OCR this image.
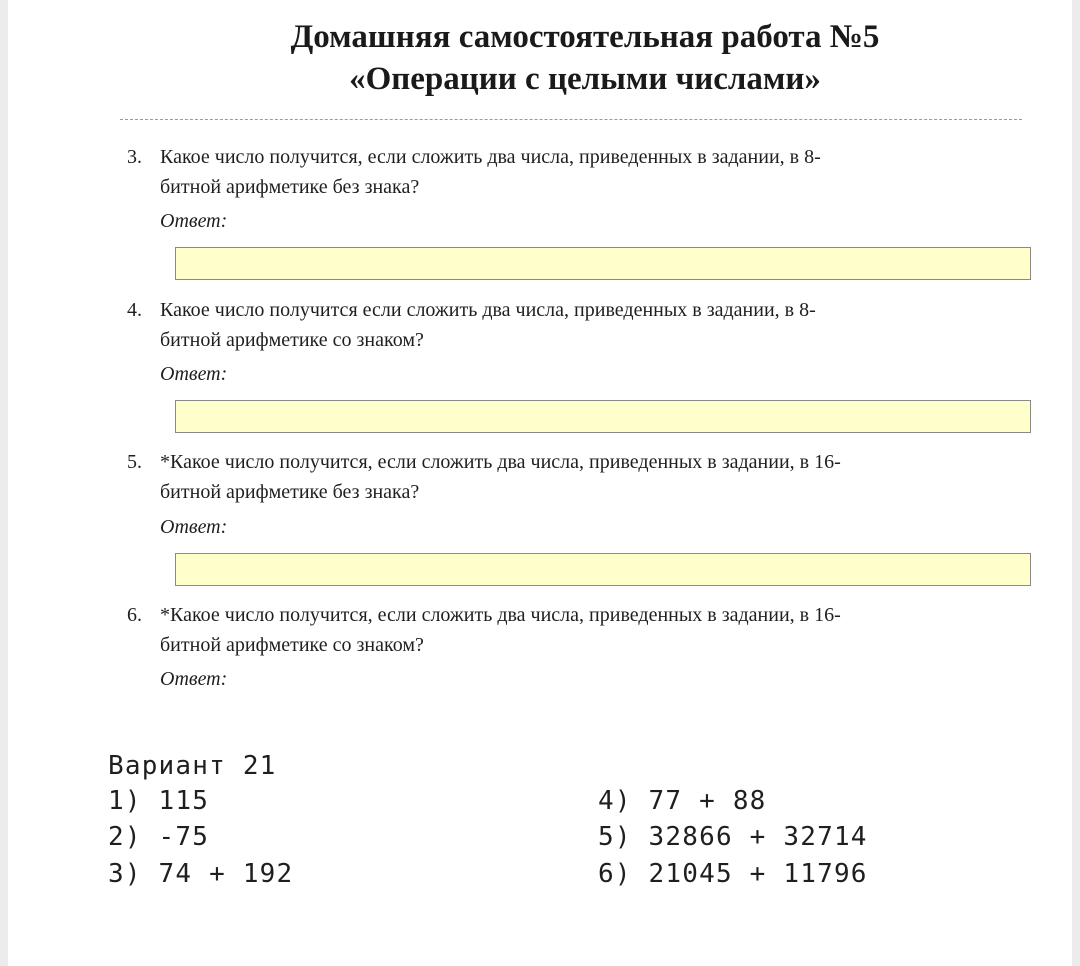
Домашняя самостоятельная работа №5
«Операции с целыми числами»
3. Какое число получится, если сложить два числа, приведенных в задании, в 8-
битной арифметике без знака?
Ответ:
4. Какое число получится если сложить два числа, приведенных в задании, в 8-
битной арифметике со знаком?
Ответ:
5. *Какое число получится, если сложить два числа, приведенных в задании, в 16-
битной арифметике без знака?
Ответ:
6. *Какое число получится, если сложить два числа, приведенных в задании, в 16-
битной арифметике со знаком?
Ответ:
Вариант 21
1) 115
2) -75
3) 74 + 192
4) 77 + 88
5) 32866 + 32714
6) 21045 + 11796
